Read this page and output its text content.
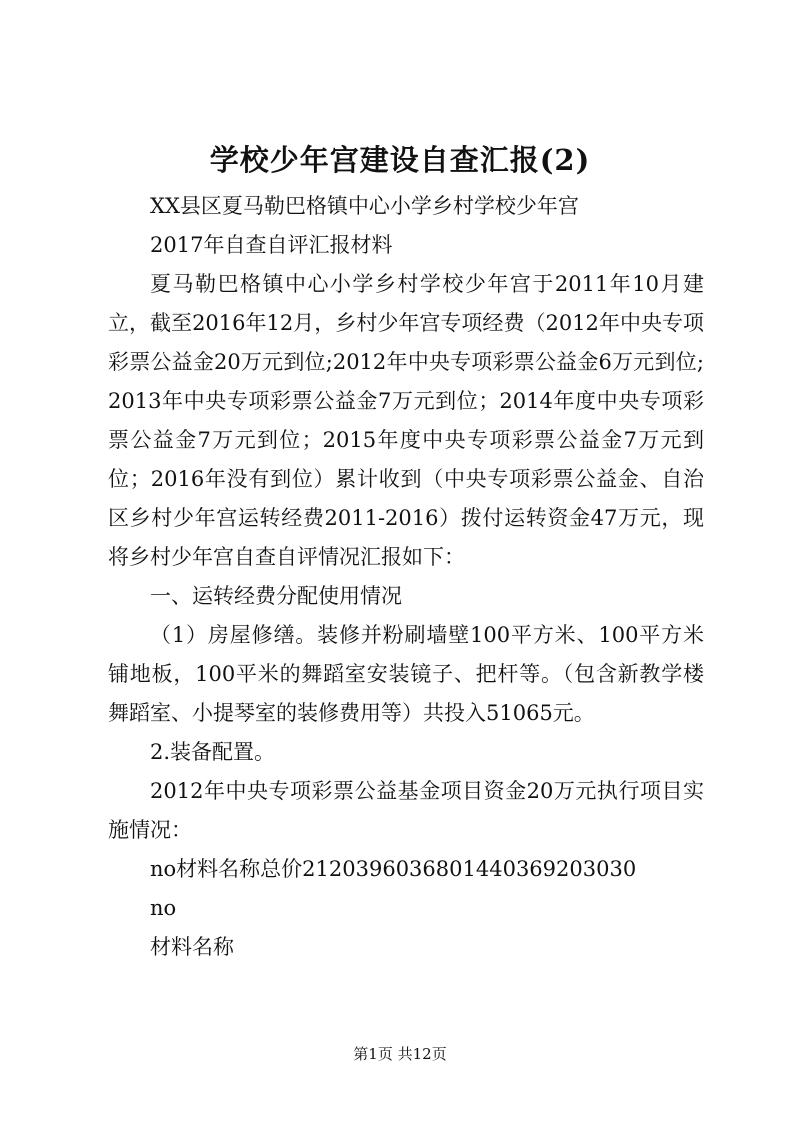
学校少年宫建设自查汇报(2)

XX县区夏马勒巴格镇中心小学乡村学校少年宫

2017年自查自评汇报材料

夏马勒巴格镇中心小学乡村学校少年宫于2011年10月建立，截至2016年12月，乡村少年宫专项经费（2012年中央专项彩票公益金20万元到位;2012年中央专项彩票公益金6万元到位;2013年中央专项彩票公益金7万元到位；2014年度中央专项彩票公益金7万元到位；2015年度中央专项彩票公益金7万元到位；2016年没有到位）累计收到（中央专项彩票公益金、自治区乡村少年宫运转经费2011-2016）拨付运转资金47万元，现将乡村少年宫自查自评情况汇报如下：

一、运转经费分配使用情况

（1）房屋修缮。装修并粉刷墙壁100平方米、100平方米铺地板，100平米的舞蹈室安装镜子、把杆等。（包含新教学楼舞蹈室、小提琴室的装修费用等）共投入51065元。

2.装备配置。

2012年中央专项彩票公益基金项目资金20万元执行项目实施情况：

no材料名称总价212039603680144036920303​0

no

材料名称

第1页 共12页
